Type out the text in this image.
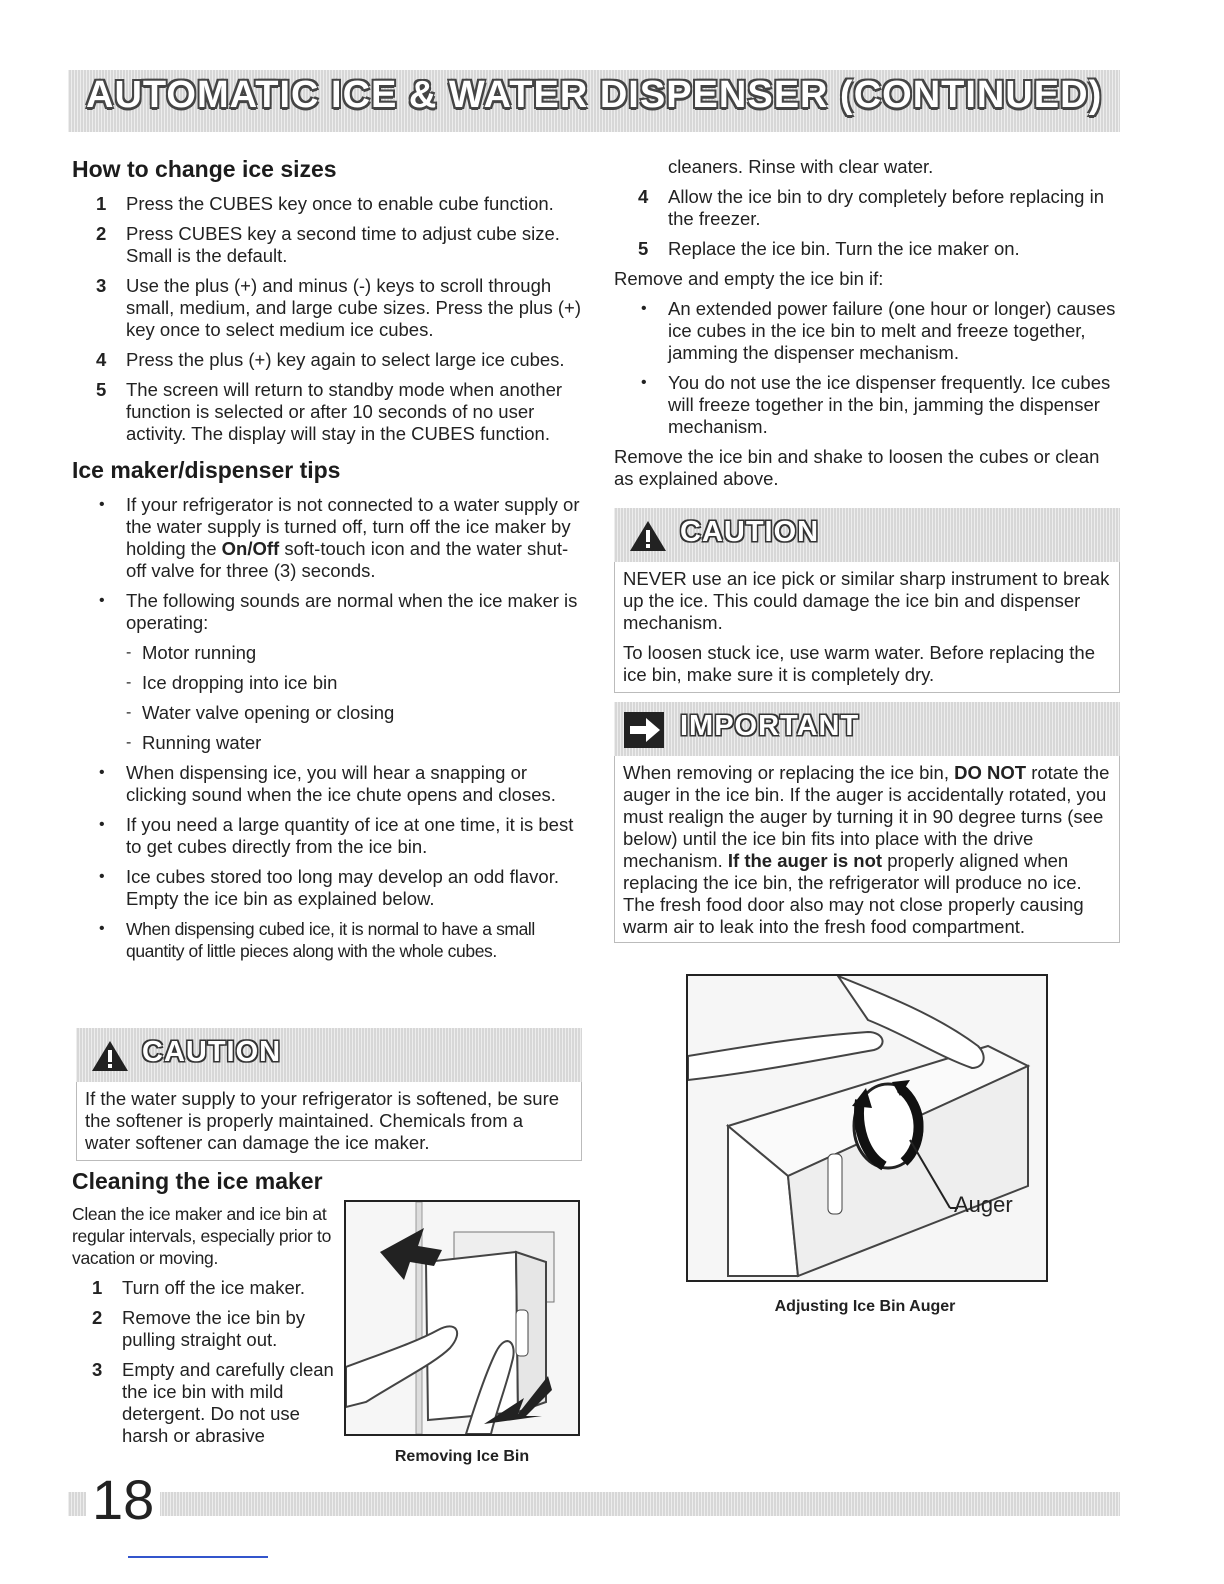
AUTOMATIC ICE & WATER DISPENSER (CONTINUED)
How to change ice sizes
1 Press the CUBES key once to enable cube function.
2 Press CUBES key a second time to adjust cube size. Small is the default.
3 Use the plus (+) and minus (-) keys to scroll through small, medium, and large cube sizes. Press the plus (+) key once to select medium ice cubes.
4 Press the plus (+) key again to select large ice cubes.
5 The screen will return to standby mode when another function is selected or after 10 seconds of no user activity. The display will stay in the CUBES function.
Ice maker/dispenser tips
• If your refrigerator is not connected to a water supply or the water supply is turned off, turn off the ice maker by holding the On/Off soft-touch icon and the water shut-off valve for three (3) seconds.
• The following sounds are normal when the ice maker is operating:
- Motor running
- Ice dropping into ice bin
- Water valve opening or closing
- Running water
• When dispensing ice, you will hear a snapping or clicking sound when the ice chute opens and closes.
• If you need a large quantity of ice at one time, it is best to get cubes directly from the ice bin.
• Ice cubes stored too long may develop an odd flavor. Empty the ice bin as explained below.
• When dispensing cubed ice, it is normal to have a small quantity of little pieces along with the whole cubes.
CAUTION
If the water supply to your refrigerator is softened, be sure the softener is properly maintained. Chemicals from a water softener can damage the ice maker.
Cleaning the ice maker

Clean the ice maker and ice bin at regular intervals, especially prior to vacation or moving.

1 Turn off the ice maker.
2 Remove the ice bin by pulling straight out.
3 Empty and carefully clean the ice bin with mild detergent. Do not use harsh or abrasive
Removing Ice Bin

cleaners. Rinse with clear water.

4 Allow the ice bin to dry completely before replacing in the freezer.
5 Replace the ice bin. Turn the ice maker on.

Remove and empty the ice bin if:

• An extended power failure (one hour or longer) causes ice cubes in the ice bin to melt and freeze together, jamming the dispenser mechanism.
• You do not use the ice dispenser frequently. Ice cubes will freeze together in the bin, jamming the dispenser mechanism.

Remove the ice bin and shake to loosen the cubes or clean as explained above.

CAUTION

NEVER use an ice pick or similar sharp instrument to break up the ice. This could damage the ice bin and dispenser mechanism.

To loosen stuck ice, use warm water. Before replacing the ice bin, make sure it is completely dry.

IMPORTANT
When removing or replacing the ice bin, DO NOT rotate the auger in the ice bin. If the auger is accidentally rotated, you must realign the auger by turning it in 90 degree turns (see below) until the ice bin fits into place with the drive mechanism. If the auger is not properly aligned when replacing the ice bin, the refrigerator will produce no ice. The fresh food door also may not close properly causing warm air to leak into the fresh food compartment.
Auger
Adjusting Ice Bin Auger
18
